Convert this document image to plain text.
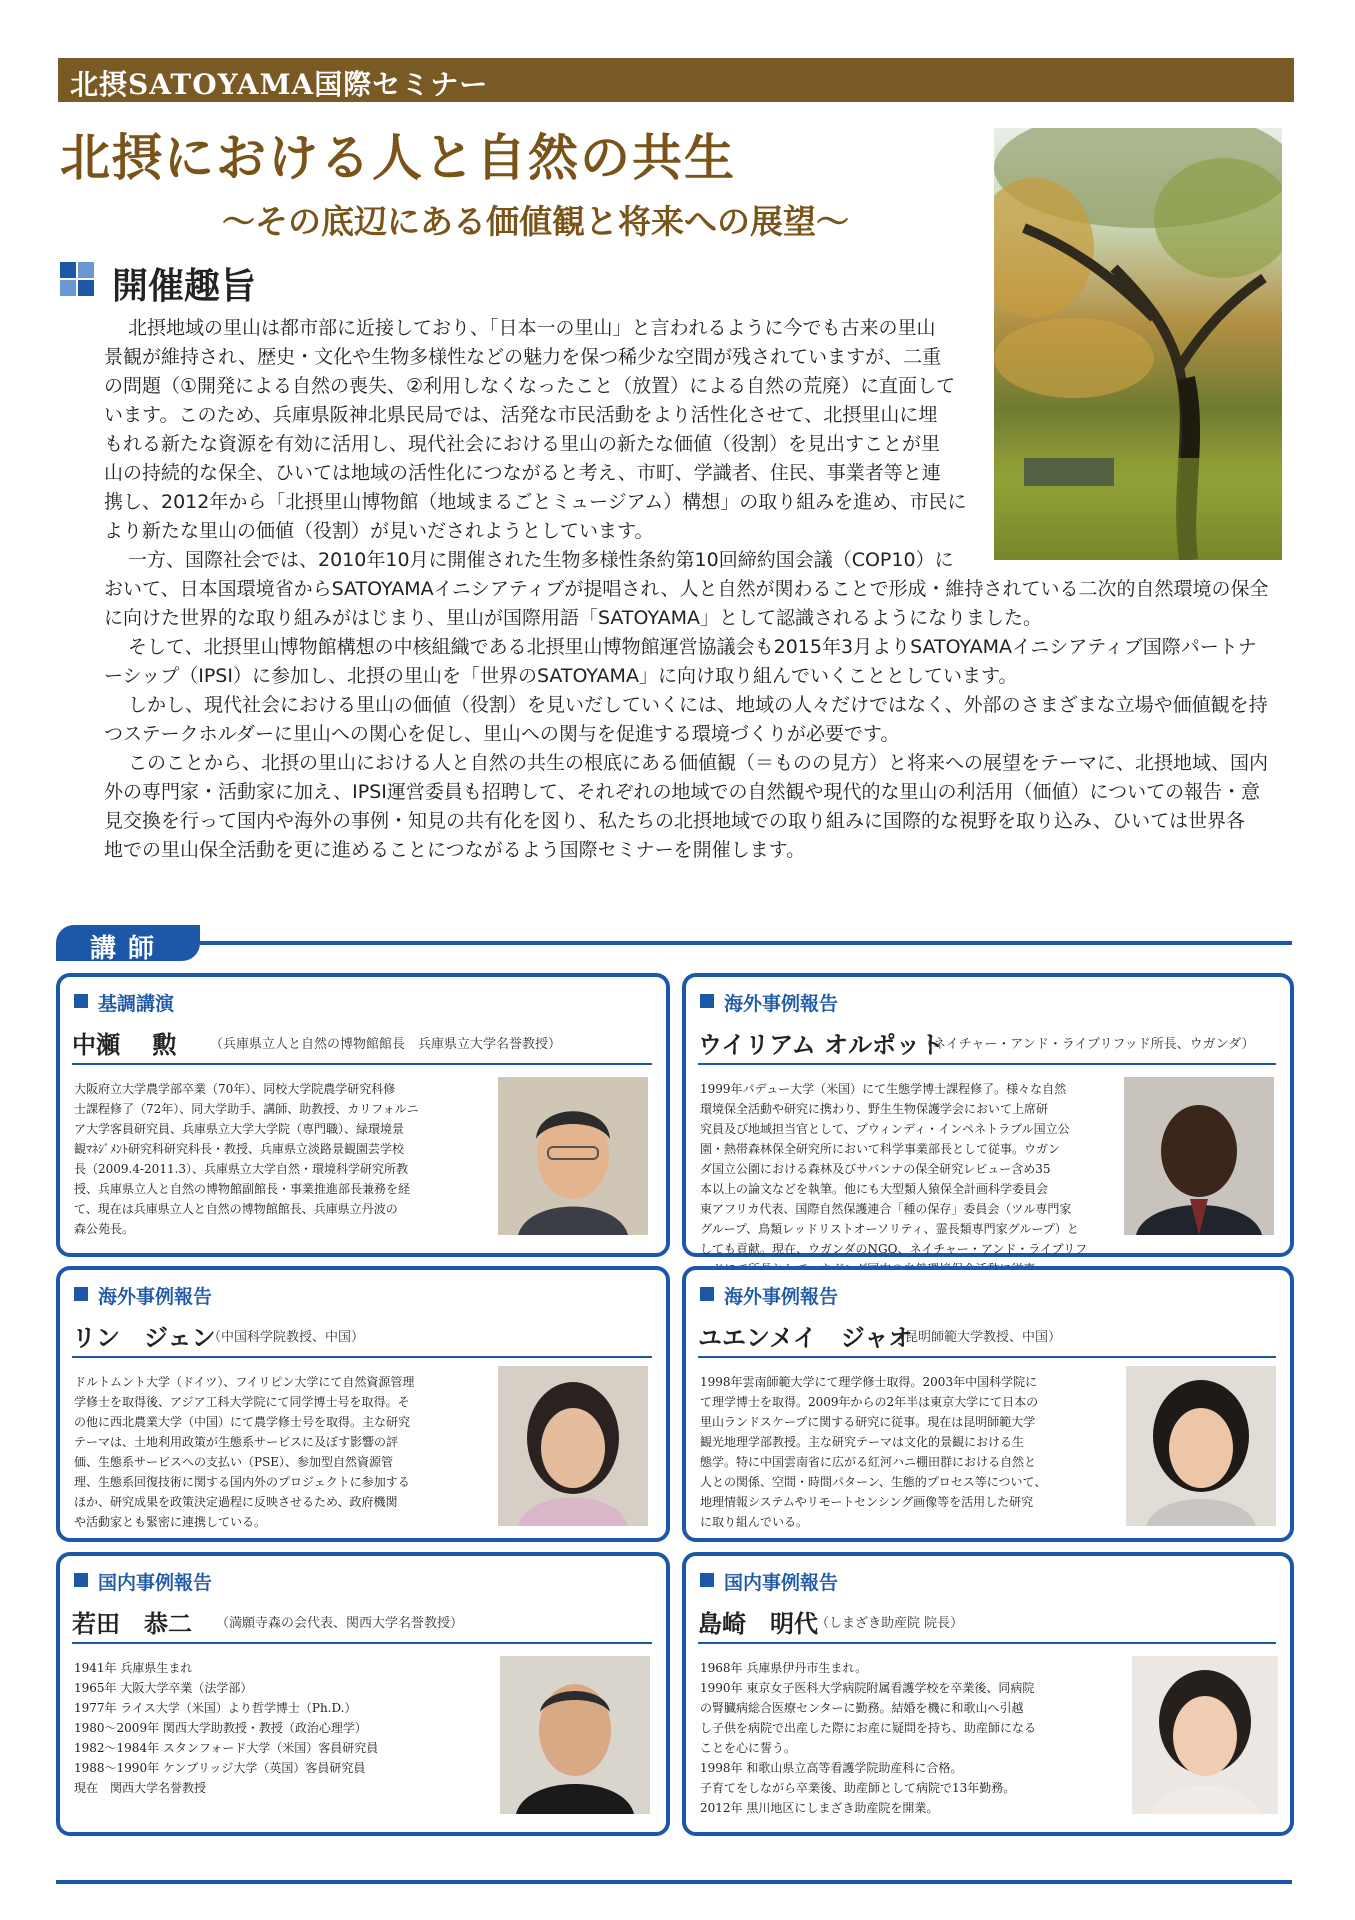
北摂SATOYAMA国際セミナー
北摂における人と自然の共生
～その底辺にある価値観と将来への展望～
開催趣旨

北摂地域の里山は都市部に近接しており、「日本一の里山」と言われるように今でも古来の里山

景観が維持され、歴史・文化や生物多様性などの魅力を保つ稀少な空間が残されていますが、二重

の問題（①開発による自然の喪失、②利用しなくなったこと（放置）による自然の荒廃）に直面して

います。このため、兵庫県阪神北県民局では、活発な市民活動をより活性化させて、北摂里山に埋

もれる新たな資源を有効に活用し、現代社会における里山の新たな価値（役割）を見出すことが里

山の持続的な保全、ひいては地域の活性化につながると考え、市町、学識者、住民、事業者等と連

携し、2012年から「北摂里山博物館（地域まるごとミュージアム）構想」の取り組みを進め、市民に

より新たな里山の価値（役割）が見いだされようとしています。

一方、国際社会では、2010年10月に開催された生物多様性条約第10回締約国会議（COP10）に

おいて、日本国環境省からSATOYAMAイニシアティブが提唱され、人と自然が関わることで形成・維持されている二次的自然環境の保全

に向けた世界的な取り組みがはじまり、里山が国際用語「SATOYAMA」として認識されるようになりました。

そして、北摂里山博物館構想の中核組織である北摂里山博物館運営協議会も2015年3月よりSATOYAMAイニシアティブ国際パートナ

ーシップ（IPSI）に参加し、北摂の里山を「世界のSATOYAMA」に向け取り組んでいくこととしています。

しかし、現代社会における里山の価値（役割）を見いだしていくには、地域の人々だけではなく、外部のさまざまな立場や価値観を持

つステークホルダーに里山への関心を促し、里山への関与を促進する環境づくりが必要です。

このことから、北摂の里山における人と自然の共生の根底にある価値観（＝ものの見方）と将来への展望をテーマに、北摂地域、国内

外の専門家・活動家に加え、IPSI運営委員も招聘して、それぞれの地域での自然観や現代的な里山の利活用（価値）についての報告・意

見交換を行って国内や海外の事例・知見の共有化を図り、私たちの北摂地域での取り組みに国際的な視野を取り込み、ひいては世界各

地での里山保全活動を更に進めることにつながるよう国際セミナーを開催します。

講師
基調講演
中瀬　 勲	（兵庫県立人と自然の博物館館長　兵庫県立大学名誉教授）
大阪府立大学農学部卒業（70年）、同校大学院農学研究科修
士課程修了（72年）、同大学助手、講師、助教授、カリフォルニ
ア大学客員研究員、兵庫県立大学大学院（専門職）、緑環境景
観ﾏﾈｼﾞﾒﾝﾄ研究科研究科長・教授、兵庫県立淡路景観園芸学校
長（2009.4-2011.3）、兵庫県立大学自然・環境科学研究所教
授、兵庫県立人と自然の博物館副館長・事業推進部長兼務を経
て、現在は兵庫県立人と自然の博物館館長、兵庫県立丹波の
森公苑長。
海外事例報告
ウイリアム オルポット
（ネイチャー・アンド・ライブリフッド所長、ウガンダ）
1999年パデュー大学（米国）にて生態学博士課程修了。様々な自然
環境保全活動や研究に携わり、野生生物保護学会において上席研
究員及び地域担当官として、ブウィンディ・インペネトラブル国立公
園・熱帯森林保全研究所において科学事業部長として従事。ウガン
ダ国立公園における森林及びサバンナの保全研究レビュー含め35
本以上の論文などを執筆。他にも大型類人猿保全計画科学委員会
東アフリカ代表、国際自然保護連合「種の保存」委員会（ツル専門家
グループ、鳥類レッドリストオーソリティ、霊長類専門家グループ）と
しても貢献。現在、ウガンダのNGO、ネイチャー・アンド・ライブリフ
海外事例報告
リン　ジェン
（中国科学院教授、中国）
ドルトムント大学（ドイツ）、フイリピン大学にて自然資源管理
学修士を取得後、アジア工科大学院にて同学博士号を取得。そ
の他に西北農業大学（中国）にて農学修士号を取得。主な研究
テーマは、土地利用政策が生態系サービスに及ぼす影響の評
価、生態系サービスへの支払い（PSE）、参加型自然資源管
理、生態系回復技術に関する国内外のプロジェクトに参加する
ほか、研究成果を政策決定過程に反映させるため、政府機関
や活動家とも緊密に連携している。
海外事例報告
ユエンメイ　ジャオ
（昆明師範大学教授、中国）
1998年雲南師範大学にて理学修士取得。2003年中国科学院に
て理学博士を取得。2009年からの2年半は東京大学にて日本の
里山ランドスケープに関する研究に従事。現在は昆明師範大学
観光地理学部教授。主な研究テーマは文化的景観における生
態学。特に中国雲南省に広がる紅河ハニ棚田群における自然と
人との関係、空間・時間パターン、生態的プロセス等について、
地理情報システムやリモートセンシング画像等を活用した研究
に取り組んでいる。
国内事例報告
若田　恭二 （満願寺森の会代表、関西大学名誉教授）
1941年 兵庫県生まれ
1965年 大阪大学卒業（法学部）
1977年 ライス大学（米国）より哲学博士（Ph.D.）
1980～2009年 関西大学助教授・教授（政治心理学）
1982～1984年 スタンフォード大学（米国）客員研究員
1988～1990年 ケンブリッジ大学（英国）客員研究員
現在　関西大学名誉教授
国内事例報告
島崎　明代
（しまざき助産院 院長）
1968年 兵庫県伊丹市生まれ。
1990年 東京女子医科大学病院附属看護学校を卒業後、同病院
の腎臓病総合医療センターに勤務。結婚を機に和歌山へ引越
し子供を病院で出産した際にお産に疑問を持ち、助産師になる
ことを心に誓う。
1998年 和歌山県立高等看護学院助産科に合格。
子育てをしながら卒業後、助産師として病院で13年勤務。
2012年 黒川地区にしまざき助産院を開業。
